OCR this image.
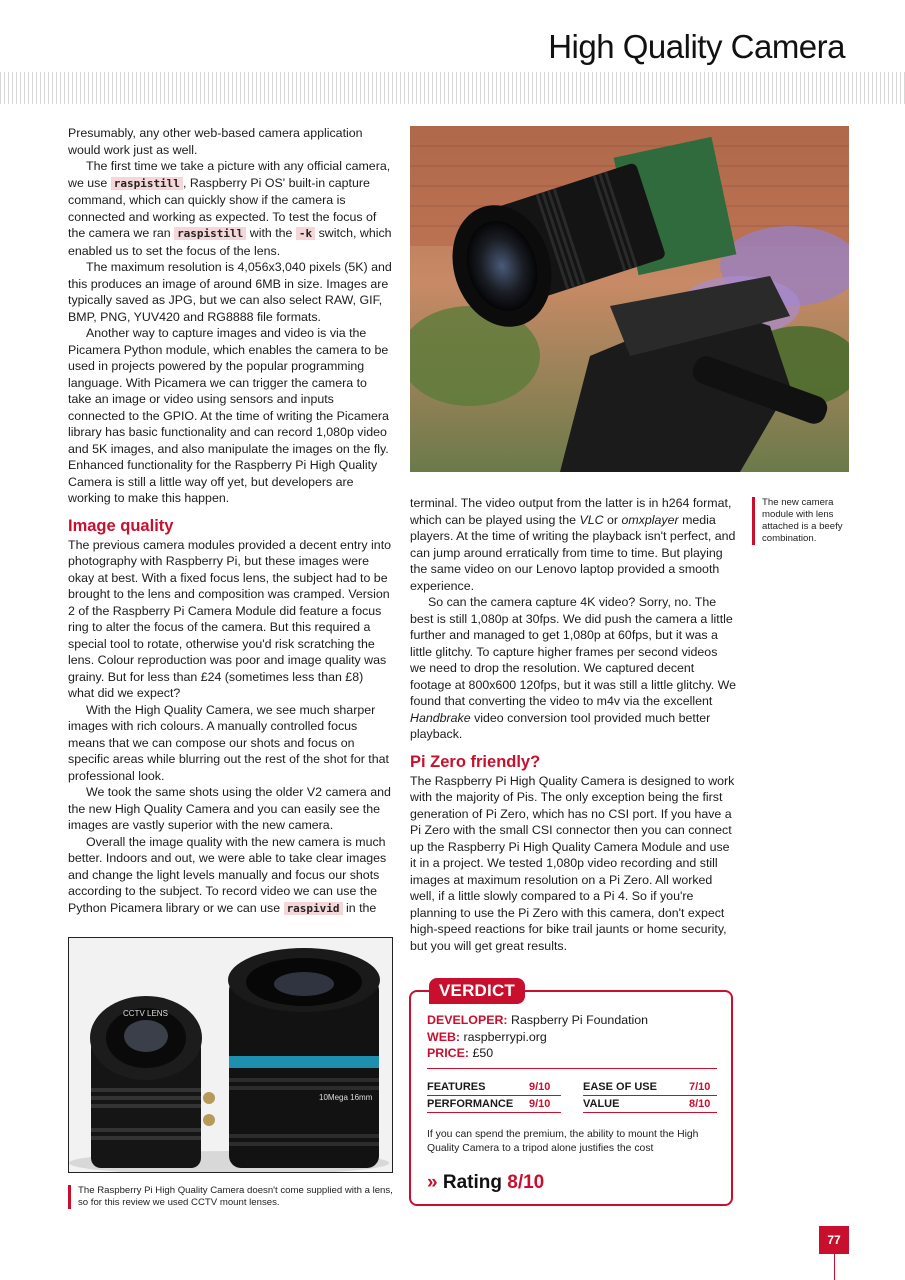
High Quality Camera

Presumably, any other web-based camera application would work just as well.

The first time we take a picture with any official camera, we use raspistill , Raspberry Pi OS' built-in capture command, which can quickly show if the camera is connected and working as expected. To test the focus of the camera we ran raspistill with the -k switch, which enabled us to set the focus of the lens.

The maximum resolution is 4,056x3,040 pixels (5K) and this produces an image of around 6MB in size. Images are typically saved as JPG, but we can also select RAW, GIF, BMP, PNG, YUV420 and RG8888 file formats.

Another way to capture images and video is via the Picamera Python module, which enables the camera to be used in projects powered by the popular programming language. With Picamera we can trigger the camera to take an image or video using sensors and inputs connected to the GPIO. At the time of writing the Picamera library has basic functionality and can record 1,080p video and 5K images, and also manipulate the images on the fly. Enhanced functionality for the Raspberry Pi High Quality Camera is still a little way off yet, but developers are working to make this happen.

Image quality

The previous camera modules provided a decent entry into photography with Raspberry Pi, but these images were okay at best. With a fixed focus lens, the subject had to be brought to the lens and composition was cramped. Version 2 of the Raspberry Pi Camera Module did feature a focus ring to alter the focus of the camera. But this required a special tool to rotate, otherwise you'd risk scratching the lens. Colour reproduction was poor and image quality was grainy. But for less than £24 (sometimes less than £8) what did we expect?

With the High Quality Camera, we see much sharper images with rich colours. A manually controlled focus means that we can compose our shots and focus on specific areas while blurring out the rest of the shot for that professional look.

We took the same shots using the older V2 camera and the new High Quality Camera and you can easily see the images are vastly superior with the new camera.

Overall the image quality with the new camera is much better. Indoors and out, we were able to take clear images and change the light levels manually and focus our shots according to the subject. To record video we can use the Python Picamera library or we can use raspivid in the

The new camera module with lens attached is a beefy combination.

terminal. The video output from the latter is in h264 format, which can be played using the VLC or omxplayer media players. At the time of writing the playback isn't perfect, and can jump around erratically from time to time. But playing the same video on our Lenovo laptop provided a smooth experience.

So can the camera capture 4K video? Sorry, no. The best is still 1,080p at 30fps. We did push the camera a little further and managed to get 1,080p at 60fps, but it was a little glitchy. To capture higher frames per second videos we need to drop the resolution. We captured decent footage at 800x600 120fps, but it was still a little glitchy. We found that converting the video to m4v via the excellent Handbrake video conversion tool provided much better playback.

Pi Zero friendly?

The Raspberry Pi High Quality Camera is designed to work with the majority of Pis. The only exception being the first generation of Pi Zero, which has no CSI port. If you have a Pi Zero with the small CSI connector then you can connect up the Raspberry Pi High Quality Camera Module and use it in a project. We tested 1,080p video recording and still images at maximum resolution on a Pi Zero. All worked well, if a little slowly compared to a Pi 4. So if you're planning to use the Pi Zero with this camera, don't expect high-speed reactions for bike trail jaunts or home security, but you will get great results.

CCTV LENS
10Mega 16mm
The Raspberry Pi High Quality Camera doesn't come supplied with a lens, so for this review we used CCTV mount lenses.
VERDICT
DEVELOPER: Raspberry Pi Foundation
WEB: raspberrypi.org
PRICE: £50
FEATURES	9/10	EASE OF USE	7/10
PERFORMANCE 9/10	VALUE	8/10
If you can spend the premium, the ability to mount the High Quality Camera to a tripod alone justifies the cost
» Rating 8/10
77
